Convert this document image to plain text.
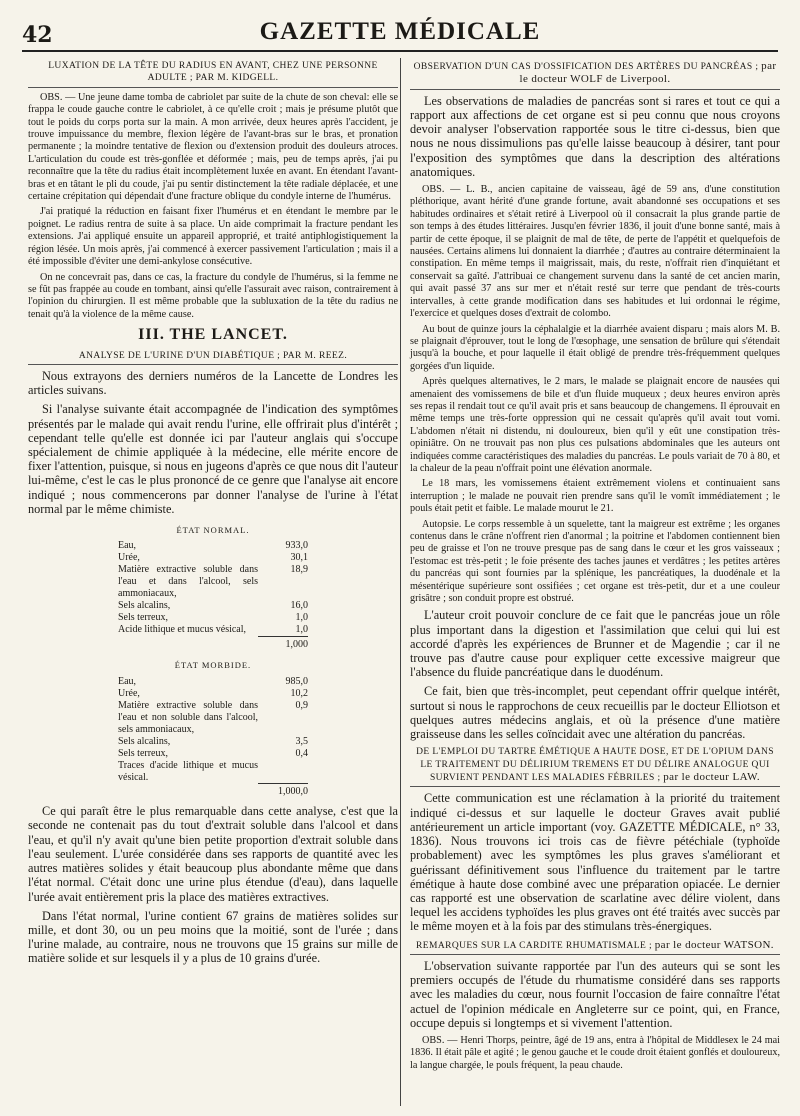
42	GAZETTE MÉDICALE
LUXATION DE LA TÊTE DU RADIUS EN AVANT, CHEZ UNE PERSONNE ADULTE ; PAR M. KIDGELL.

OBS. — Une jeune dame tomba de cabriolet par suite de la chute de son cheval: elle se frappa le coude gauche contre le cabriolet, à ce qu'elle croit ; mais je présume plutôt que tout le poids du corps porta sur la main. A mon arrivée, deux heures après l'accident, je trouve impuissance du membre, flexion légère de l'avant-bras sur le bras, et pronation permanente ; la moindre tentative de flexion ou d'extension produit des douleurs atroces. L'articulation du coude est très-gonflée et déformée ; mais, peu de temps après, j'ai pu reconnaître que la tête du radius était incomplètement luxée en avant. En étendant l'avant-bras et en tâtant le pli du coude, j'ai pu sentir distinctement la tête radiale déplacée, et une certaine crépitation qui dépendait d'une fracture oblique du condyle interne de l'humérus.

J'ai pratiqué la réduction en faisant fixer l'humérus et en étendant le membre par le poignet. Le radius rentra de suite à sa place. Un aide comprimait la fracture pendant les extensions. J'ai appliqué ensuite un appareil approprié, et traité antiphlogistiquement la région lésée. Un mois après, j'ai commencé à exercer passivement l'articulation ; mais il a été impossible d'éviter une demi-ankylose consécutive.

On ne concevrait pas, dans ce cas, la fracture du condyle de l'humérus, si la femme ne se fût pas frappée au coude en tombant, ainsi qu'elle l'assurait avec raison, contrairement à l'opinion du chirurgien. Il est même probable que la subluxation de la tête du radius ne tenait qu'à la violence de la même cause.

III. THE LANCET.
ANALYSE DE L'URINE D'UN DIABÉTIQUE ; PAR M. REEZ.

Nous extrayons des derniers numéros de la Lancette de Londres les articles suivans.

Si l'analyse suivante était accompagnée de l'indication des symptômes présentés par le malade qui avait rendu l'urine, elle offrirait plus d'intérêt ; cependant telle qu'elle est donnée ici par l'auteur anglais qui s'occupe spécialement de chimie appliquée à la médecine, elle mérite encore de fixer l'attention, puisque, si nous en jugeons d'après ce que nous dit l'auteur lui-même, c'est le cas le plus prononcé de ce genre que l'analyse ait encore indiqué ; nous commencerons par donner l'analyse de l'urine à l'état normal par le même chimiste.

ÉTAT NORMAL.
Eau,	933,0
Urée,	30,1
Matière extractive soluble dans l'eau et dans l'alcool, sels ammoniacaux,	18,9
Sels alcalins,	16,0
Sels terreux,	1,0
Acide lithique et mucus vésical,	1,0
	1,000
ÉTAT MORBIDE.
Eau,	985,0
Urée,	10,2
Matière extractive soluble dans l'eau et non soluble dans l'alcool, sels ammoniacaux,	0,9
Sels alcalins,	3,5
Sels terreux,	0,4
Traces d'acide lithique et mucus vésical.	
	1,000,0

Ce qui paraît être le plus remarquable dans cette analyse, c'est que la seconde ne contenait pas du tout d'extrait soluble dans l'alcool et dans l'eau, et qu'il n'y avait qu'une bien petite proportion d'extrait soluble dans l'eau seulement. L'urée considérée dans ses rapports de quantité avec les autres matières solides y était beaucoup plus abondante même que dans l'état normal. C'était donc une urine plus étendue (d'eau), dans laquelle l'urée avait entièrement pris la place des matières extractives.

Dans l'état normal, l'urine contient 67 grains de matières solides sur mille, et dont 30, ou un peu moins que la moitié, sont de l'urée ; dans l'urine malade, au contraire, nous ne trouvons que 15 grains sur mille de matière solide et sur lesquels il y a plus de 10 grains d'urée.

OBSERVATION D'UN CAS D'OSSIFICATION DES ARTÈRES DU PANCRÉAS ; par le docteur WOLF de Liverpool.

Les observations de maladies de pancréas sont si rares et tout ce qui a rapport aux affections de cet organe est si peu connu que nous croyons devoir analyser l'observation rapportée sous le titre ci-dessus, bien que nous ne nous dissimulions pas qu'elle laisse beaucoup à désirer, tant pour l'exposition des symptômes que dans la description des altérations anatomiques.

OBS. — L. B., ancien capitaine de vaisseau, âgé de 59 ans, d'une constitution pléthorique, avant hérité d'une grande fortune, avait abandonné ses occupations et ses habitudes ordinaires et s'était retiré à Liverpool où il consacrait la plus grande partie de son temps à des études littéraires. Jusqu'en février 1836, il jouit d'une bonne santé, mais à partir de cette époque, il se plaignit de mal de tête, de perte de l'appétit et quelquefois de nausées. Certains alimens lui donnaient la diarrhée ; d'autres au contraire déterminaient la constipation. En même temps il maigrissait, mais, du reste, n'offrait rien d'inquiétant et conservait sa gaîté. J'attribuai ce changement survenu dans la santé de cet ancien marin, qui avait passé 37 ans sur mer et n'était resté sur terre que pendant de très-courts intervalles, à cette grande modification dans ses habitudes et lui ordonnai le régime, l'exercice et quelques doses d'extrait de colombo.

Au bout de quinze jours la céphalalgie et la diarrhée avaient disparu ; mais alors M. B. se plaignait d'éprouver, tout le long de l'œsophage, une sensation de brûlure qui s'étendait jusqu'à la bouche, et pour laquelle il était obligé de prendre très-fréquemment quelques gorgées d'un liquide.

Après quelques alternatives, le 2 mars, le malade se plaignait encore de nausées qui amenaient des vomissemens de bile et d'un fluide muqueux ; deux heures environ après ses repas il rendait tout ce qu'il avait pris et sans beaucoup de changemens. Il éprouvait en même temps une très-forte oppression qui ne cessait qu'après qu'il avait tout vomi. L'abdomen n'était ni distendu, ni douloureux, bien qu'il y eût une constipation très-opiniâtre. On ne trouvait pas non plus ces pulsations abdominales que les auteurs ont indiquées comme caractéristiques des maladies du pancréas. Le pouls variait de 70 à 80, et la chaleur de la peau n'offrait point une élévation anormale.

Le 18 mars, les vomissemens étaient extrêmement violens et continuaient sans interruption ; le malade ne pouvait rien prendre sans qu'il le vomît immédiatement ; le pouls était petit et faible. Le malade mourut le 21.

Autopsie. Le corps ressemble à un squelette, tant la maigreur est extrême ; les organes contenus dans le crâne n'offrent rien d'anormal ; la poitrine et l'abdomen contiennent bien peu de graisse et l'on ne trouve presque pas de sang dans le cœur et les gros vaisseaux ; l'estomac est très-petit ; le foie présente des taches jaunes et verdâtres ; les petites artères du pancréas qui sont fournies par la splénique, les pancréatiques, la duodénale et la mésentérique supérieure sont ossifiées ; cet organe est très-petit, dur et a une couleur grisâtre ; son conduit propre est obstrué.

L'auteur croit pouvoir conclure de ce fait que le pancréas joue un rôle plus important dans la digestion et l'assimilation que celui qui lui est accordé d'après les expériences de Brunner et de Magendie ; car il ne trouve pas d'autre cause pour expliquer cette excessive maigreur que l'absence du fluide pancréatique dans le duodénum.

Ce fait, bien que très-incomplet, peut cependant offrir quelque intérêt, surtout si nous le rapprochons de ceux recueillis par le docteur Elliotson et quelques autres médecins anglais, et où la présence d'une matière graisseuse dans les selles coïncidait avec une altération du pancréas.

DE L'EMPLOI DU TARTRE ÉMÉTIQUE A HAUTE DOSE, ET DE L'OPIUM DANS LE TRAITEMENT DU DÉLIRIUM TREMENS ET DU DÉLIRE ANALOGUE QUI SURVIENT PENDANT LES MALADIES FÉBRILES ; par le docteur LAW.

Cette communication est une réclamation à la priorité du traitement indiqué ci-dessus et sur laquelle le docteur Graves avait publié antérieurement un article important (voy. GAZETTE MÉDICALE, n° 33, 1836). Nous trouvons ici trois cas de fièvre pétéchiale (typhoïde probablement) avec les symptômes les plus graves s'améliorant et guérissant définitivement sous l'influence du traitement par le tartre émétique à haute dose combiné avec une préparation opiacée. Le dernier cas rapporté est une observation de scarlatine avec délire violent, dans lequel les accidens typhoïdes les plus graves ont été traités avec succès par le même moyen et à la fois par des stimulans très-énergiques.

REMARQUES SUR LA CARDITE RHUMATISMALE ; par le docteur WATSON.

L'observation suivante rapportée par l'un des auteurs qui se sont les premiers occupés de l'étude du rhumatisme considéré dans ses rapports avec les maladies du cœur, nous fournit l'occasion de faire connaître l'état actuel de l'opinion médicale en Angleterre sur ce point, qui, en France, occupe depuis si longtemps et si vivement l'attention.

OBS. — Henri Thorps, peintre, âgé de 19 ans, entra à l'hôpital de Middlesex le 24 mai 1836. Il était pâle et agité ; le genou gauche et le coude droit étaient gonflés et douloureux, la langue chargée, le pouls fréquent, la peau chaude.
